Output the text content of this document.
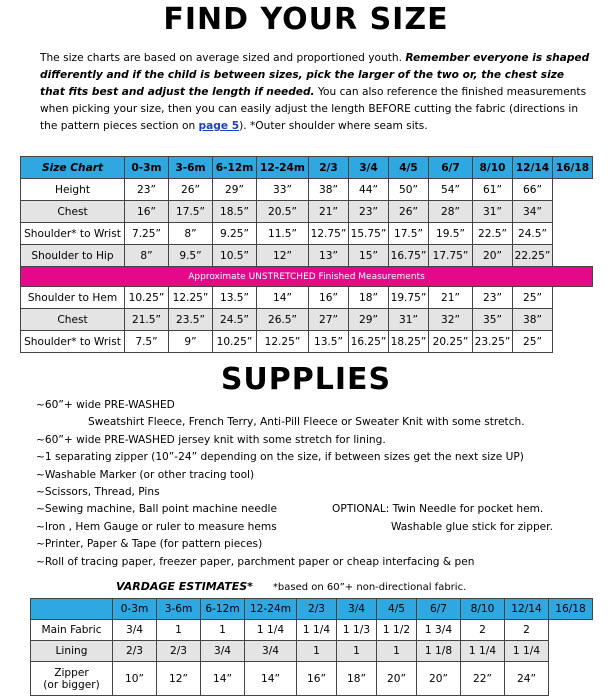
FIND YOUR SIZE
The size charts are based on average sized and proportioned youth. Remember everyone is shaped differently and if the child is between sizes, pick the larger of the two or, the chest size that fits best and adjust the length if needed. You can also reference the finished measurements when picking your size, then you can easily adjust the length BEFORE cutting the fabric (directions in the pattern pieces section on page 5). *Outer shoulder where seam sits.
Size Chart	0-3m	3-6m	6-12m	12-24m	2/3	3/4	4/5	6/7	8/10	12/14	16/18
Height	23”	26”	29”	33”	38”	44”	50”	54”	61”	66”	
Chest	16”	17.5”	18.5”	20.5”	21”	23”	26”	28”	31”	34”	
Shoulder* to Wrist	7.25”	8”	9.25”	11.5”	12.75”	15.75”	17.5”	19.5”	22.5”	24.5”	
Shoulder to Hip	8”	9.5”	10.5”	12”	13”	15”	16.75”	17.75”	20”	22.25”	
Approximate UNSTRETCHED Finished Measurements											
Shoulder to Hem	10.25”	12.25”	13.5”	14”	16”	18”	19.75”	21”	23”	25”	
Chest	21.5”	23.5”	24.5”	26.5”	27”	29”	31”	32”	35”	38”	
Shoulder* to Wrist	7.5”	9”	10.25”	12.25”	13.5”	16.25”	18.25”	20.25”	23.25”	25”	
SUPPLIES
~60”+ wide PRE-WASHED
Sweatshirt Fleece, French Terry, Anti-Pill Fleece or Sweater Knit with some stretch.
~60”+ wide PRE-WASHED jersey knit with some stretch for lining.
~1 separating zipper (10”-24” depending on the size, if between sizes get the next size UP)
~Washable Marker (or other tracing tool)
~Scissors, Thread, Pins
~Sewing machine, Ball point machine needle	OPTIONAL: Twin Needle for pocket hem.
~Iron , Hem Gauge or ruler to measure hems	Washable glue stick for zipper.
~Printer, Paper & Tape (for pattern pieces)
~Roll of tracing paper, freezer paper, parchment paper or cheap interfacing & pen
VARDAGE ESTIMATES* *based on 60”+ non-directional fabric.
	0-3m	3-6m	6-12m	12-24m	2/3	3/4	4/5	6/7	8/10	12/14	16/18
Main Fabric	3/4	1	1	1 1/4	1 1/4	1 1/3	1 1/2	1 3/4	2	2	
Lining	2/3	2/3	3/4	3/4	1	1	1	1 1/8	1 1/4	1 1/4	
Zipper
(or bigger)	10”	12”	14”	14”	16”	18”	20”	20”	22”	24”	
